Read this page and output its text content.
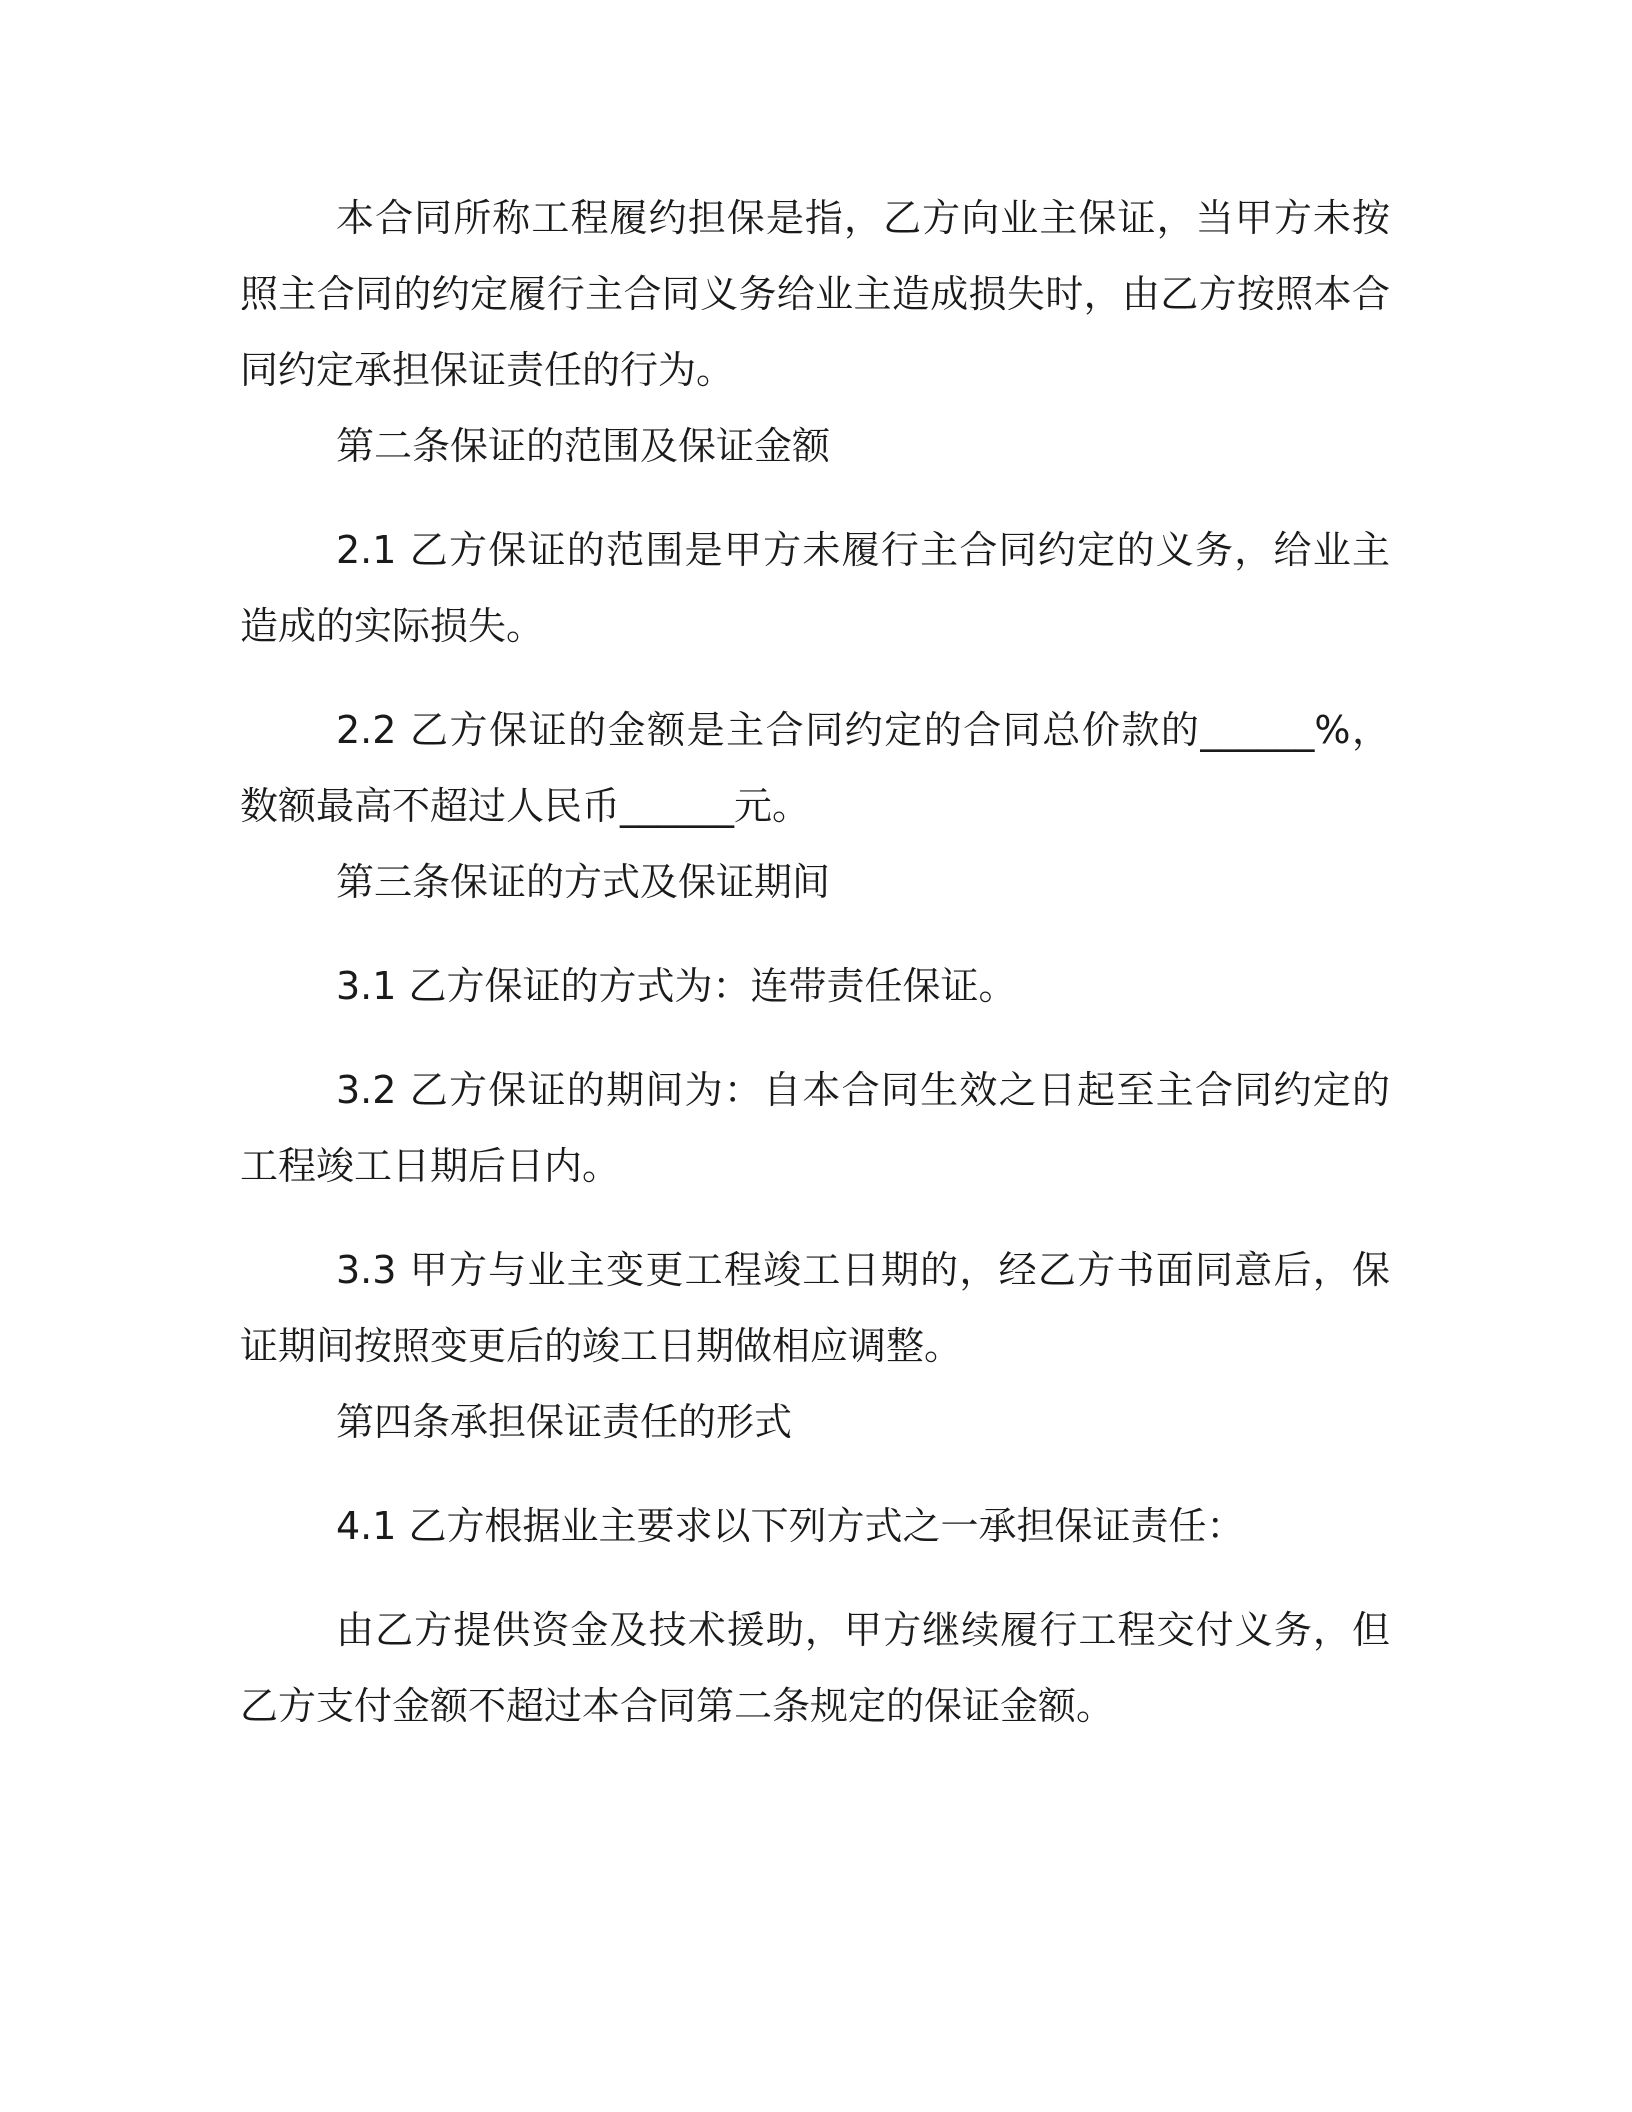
本合同所称工程履约担保是指，乙方向业主保证，当甲方未按照主合同的约定履行主合同义务给业主造成损失时，由乙方按照本合同约定承担保证责任的行为。

第二条保证的范围及保证金额

2.1 乙方保证的范围是甲方未履行主合同约定的义务，给业主造成的实际损失。

2.2 乙方保证的金额是主合同约定的合同总价款的______%，数额最高不超过人民币______元。

第三条保证的方式及保证期间

3.1 乙方保证的方式为：连带责任保证。

3.2 乙方保证的期间为：自本合同生效之日起至主合同约定的工程竣工日期后日内。

3.3 甲方与业主变更工程竣工日期的，经乙方书面同意后，保证期间按照变更后的竣工日期做相应调整。

第四条承担保证责任的形式

4.1 乙方根据业主要求以下列方式之一承担保证责任：

由乙方提供资金及技术援助，甲方继续履行工程交付义务，但乙方支付金额不超过本合同第二条规定的保证金额。
